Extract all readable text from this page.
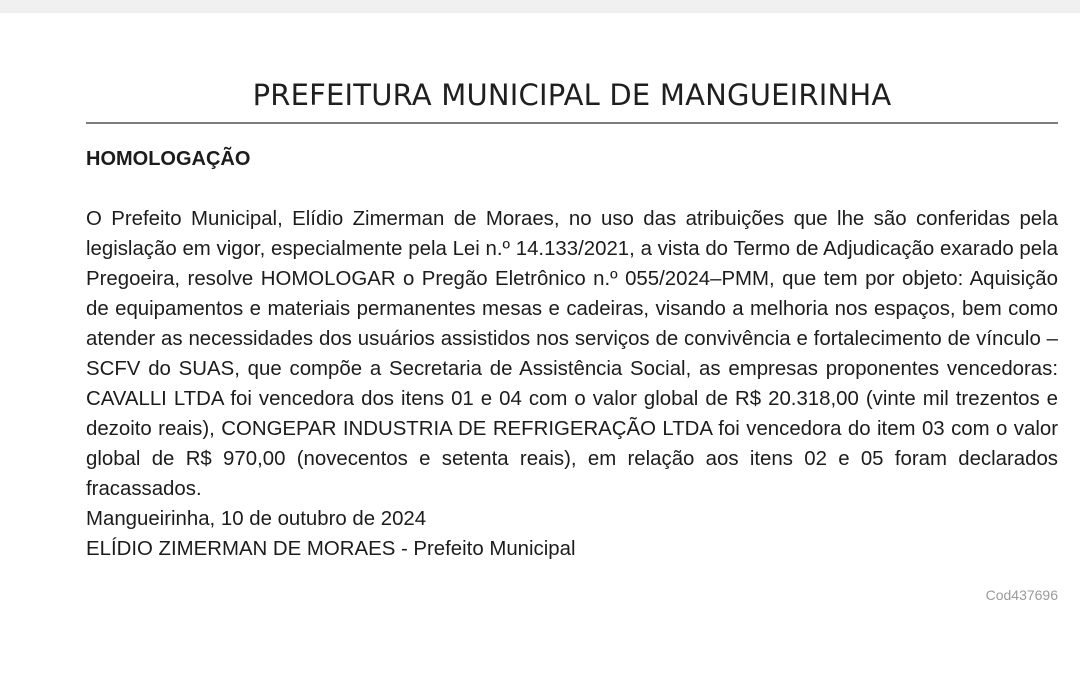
PREFEITURA MUNICIPAL DE MANGUEIRINHA
HOMOLOGAÇÃO
O Prefeito Municipal, Elídio Zimerman de Moraes, no uso das atribuições que lhe são conferidas pela legislação em vigor, especialmente pela Lei n.º 14.133/2021, a vista do Termo de Adjudicação exarado pela Pregoeira, resolve HOMOLOGAR o Pregão Eletrônico n.º 055/2024–PMM, que tem por objeto: Aquisição de equipamentos e materiais permanentes mesas e cadeiras, visando a melhoria nos espaços, bem como atender as necessidades dos usuários assistidos nos serviços de convivência e fortalecimento de vínculo – SCFV do SUAS, que compõe a Secretaria de Assistência Social, as empresas proponentes vencedoras: CAVALLI LTDA foi vencedora dos itens 01 e 04 com o valor global de R$ 20.318,00 (vinte mil trezentos e dezoito reais), CONGEPAR INDUSTRIA DE REFRIGERAÇÃO LTDA foi vencedora do item 03 com o valor global de R$ 970,00 (novecentos e setenta reais), em relação aos itens 02 e 05 foram declarados fracassados.
Mangueirinha, 10 de outubro de 2024
ELÍDIO ZIMERMAN DE MORAES - Prefeito Municipal
Cod437696
